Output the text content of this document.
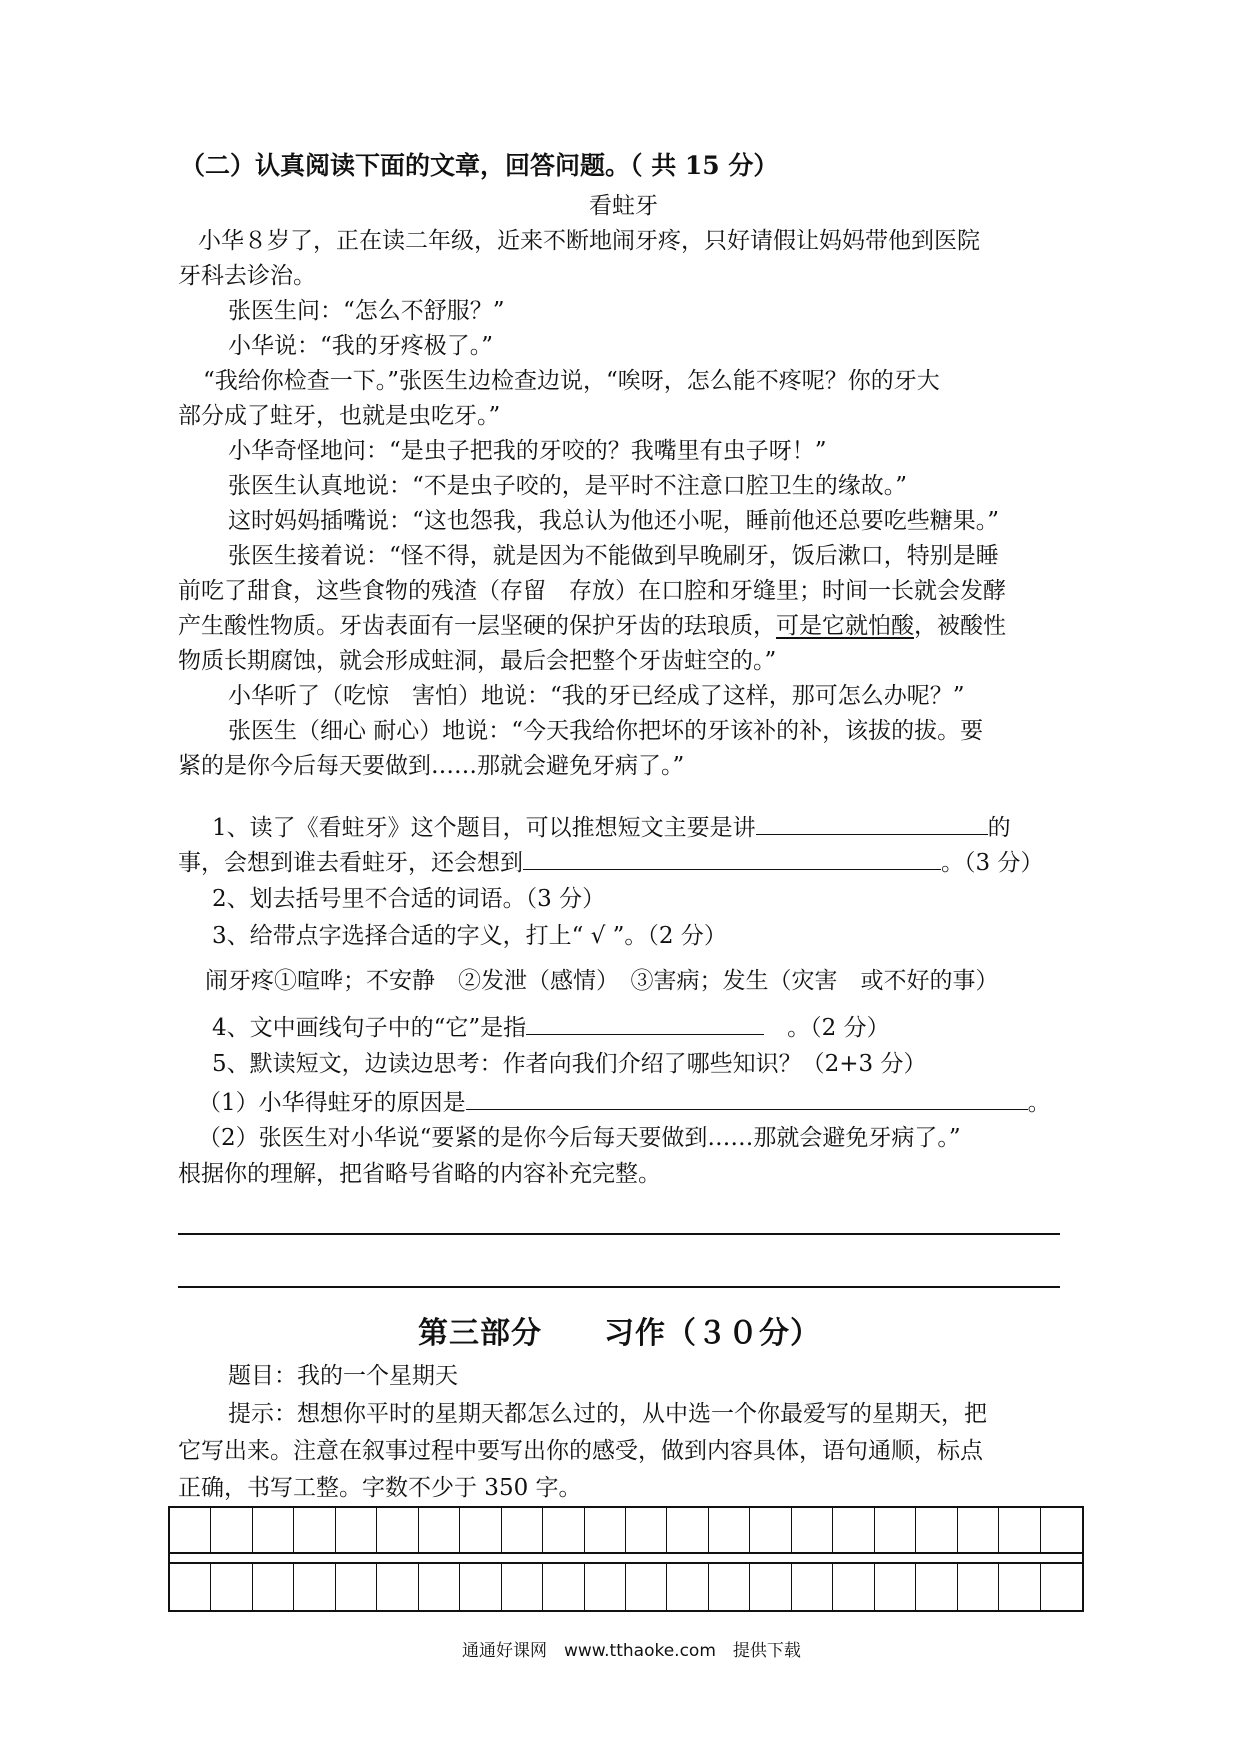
（二）认真阅读下面的文章，回答问题。（ 共 15 分）
看蛀牙
小华８岁了，正在读二年级，近来不断地闹牙疼，只好请假让妈妈带他到医院
牙科去诊治。
张医生问：“怎么不舒服？”
小华说：“我的牙疼极了。”
“我给你检查一下。”张医生边检查边说，“唉呀，怎么能不疼呢？你的牙大
部分成了蛀牙，也就是虫吃牙。”
小华奇怪地问：“是虫子把我的牙咬的？我嘴里有虫子呀！”
张医生认真地说：“不是虫子咬的，是平时不注意口腔卫生的缘故。”
这时妈妈插嘴说：“这也怨我，我总认为他还小呢，睡前他还总要吃些糖果。”
张医生接着说：“怪不得，就是因为不能做到早晚刷牙，饭后漱口，特别是睡
前吃了甜食，这些食物的残渣（存留　存放）在口腔和牙缝里；时间一长就会发酵
产生酸性物质。牙齿表面有一层坚硬的保护牙齿的珐琅质，可是它就怕酸，被酸性
物质长期腐蚀，就会形成蛀洞，最后会把整个牙齿蛀空的。”
小华听了（吃惊　害怕）地说：“我的牙已经成了这样，那可怎么办呢？”
张医生（细心 耐心）地说：“今天我给你把坏的牙该补的补，该拔的拔。要
紧的是你今后每天要做到……那就会避免牙病了。”
1、读了《看蛀牙》这个题目，可以推想短文主要是讲	的
事，会想到谁去看蛀牙，还会想到	。（3 分）
2、划去括号里不合适的词语。（3 分）
3、给带点字选择合适的字义，打上“ √ ”。（2 分）
闹牙疼①喧哗；不安静　②发泄（感情）　③害病；发生（灾害　或不好的事）
4、文中画线句子中的“它”是指　	。（2 分）
5、默读短文，边读边思考：作者向我们介绍了哪些知识？（2+3 分）
（1）小华得蛀牙的原因是	。
（2）张医生对小华说“要紧的是你今后每天要做到……那就会避免牙病了。”
根据你的理解，把省略号省略的内容补充完整。
第三部分　　习作（３０分）
题目：我的一个星期天
提示：想想你平时的星期天都怎么过的，从中选一个你最爱写的星期天，把
它写出来。注意在叙事过程中要写出你的感受，做到内容具体，语句通顺，标点
正确，书写工整。字数不少于 350 字。
通通好课网　www.tthaoke.com　提供下载
